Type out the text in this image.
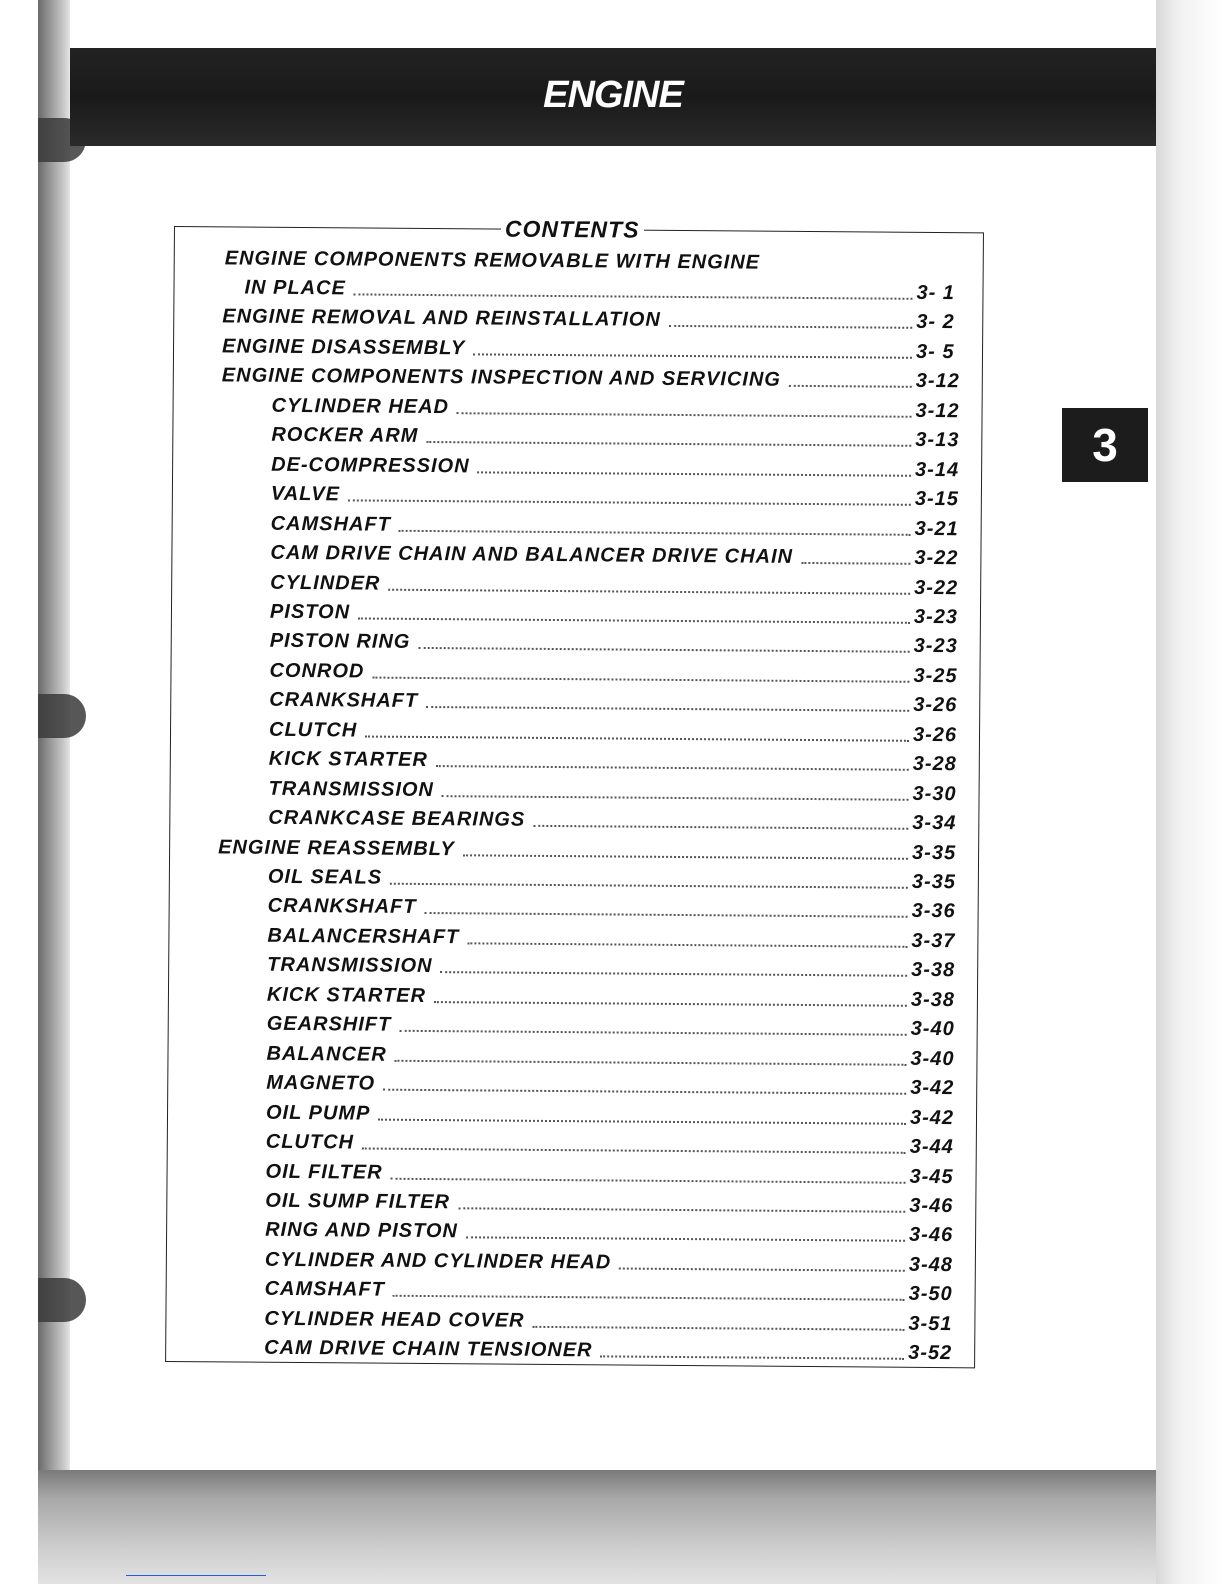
ENGINE
3
CONTENTS
ENGINE COMPONENTS REMOVABLE WITH ENGINE
IN PLACE	3- 1
ENGINE REMOVAL AND REINSTALLATION	3- 2
ENGINE DISASSEMBLY	3- 5
ENGINE COMPONENTS INSPECTION AND SERVICING	3-12
CYLINDER HEAD	3-12
ROCKER ARM	3-13
DE-COMPRESSION	3-14
VALVE	3-15
CAMSHAFT	3-21
CAM DRIVE CHAIN AND BALANCER DRIVE CHAIN	3-22
CYLINDER	3-22
PISTON	3-23
PISTON RING	3-23
CONROD	3-25
CRANKSHAFT	3-26
CLUTCH	3-26
KICK STARTER	3-28
TRANSMISSION	3-30
CRANKCASE BEARINGS	3-34
ENGINE REASSEMBLY	3-35
OIL SEALS	3-35
CRANKSHAFT	3-36
BALANCERSHAFT	3-37
TRANSMISSION	3-38
KICK STARTER	3-38
GEARSHIFT	3-40
BALANCER	3-40
MAGNETO	3-42
OIL PUMP	3-42
CLUTCH	3-44
OIL FILTER	3-45
OIL SUMP FILTER	3-46
RING AND PISTON	3-46
CYLINDER AND CYLINDER HEAD	3-48
CAMSHAFT	3-50
CYLINDER HEAD COVER	3-51
CAM DRIVE CHAIN TENSIONER	3-52
